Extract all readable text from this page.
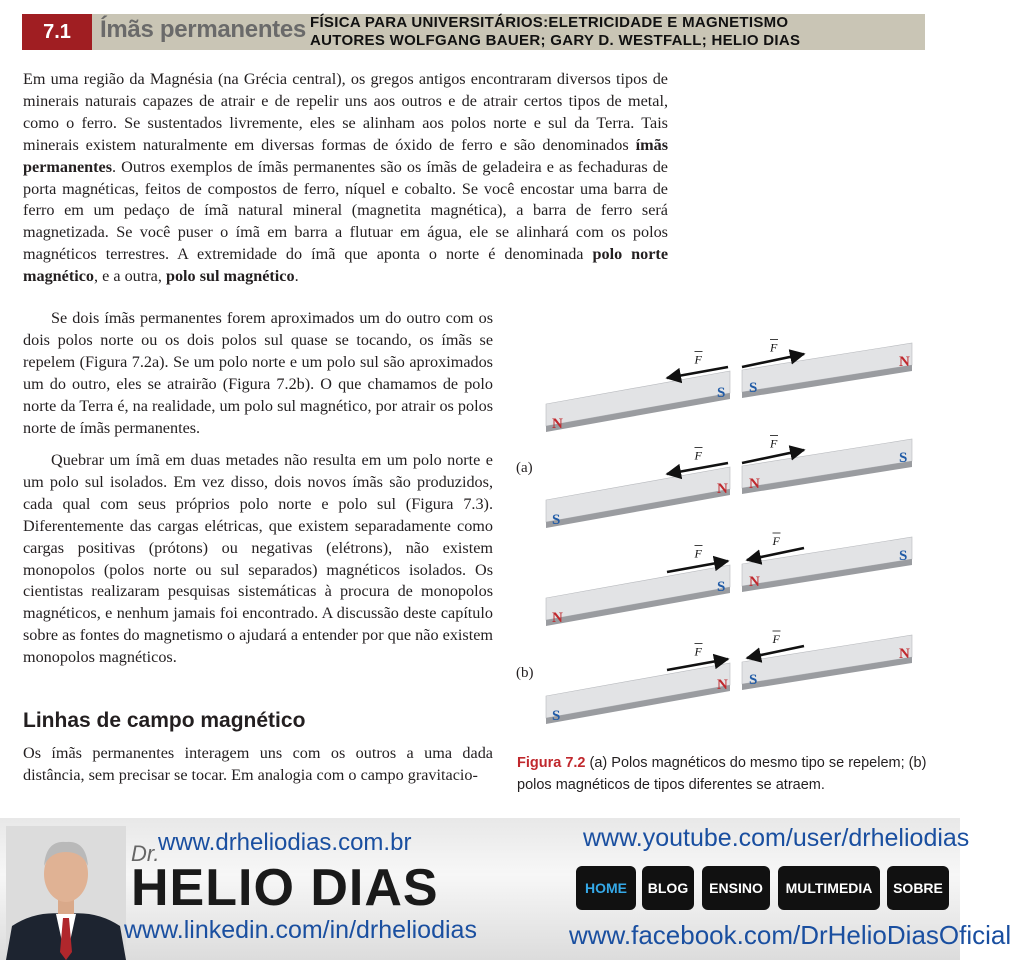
7.1	Ímãs permanentes FÍSICA PARA UNIVERSITÁRIOS:ELETRICIDADE E MAGNETISMO
AUTORES WOLFGANG BAUER; GARY D. WESTFALL; HELIO DIAS

Em uma região da Magnésia (na Grécia central), os gregos antigos encontraram diversos tipos de minerais naturais capazes de atrair e de repelir uns aos outros e de atrair certos tipos de metal, como o ferro. Se sustentados livremente, eles se alinham aos polos norte e sul da Terra. Tais minerais existem naturalmente em diversas formas de óxido de ferro e são denominados ímãs permanentes. Outros exemplos de ímãs permanentes são os ímãs de geladeira e as fechaduras de porta magnéticas, feitos de compostos de ferro, níquel e cobalto. Se você encostar uma barra de ferro em um pedaço de ímã natural mineral (magnetita magnética), a barra de ferro será magnetizada. Se você puser o ímã em barra a flutuar em água, ele se alinhará com os polos magnéticos terrestres. A extremidade do ímã que aponta o norte é denominada polo norte magnético, e a outra, polo sul magnético.

Se dois ímãs permanentes forem aproximados um do outro com os dois polos norte ou os dois polos sul quase se tocando, os ímãs se repelem (Figura 7.2a). Se um polo norte e um polo sul são aproximados um do outro, eles se atrairão (Figura 7.2b). O que chamamos de polo norte da Terra é, na realidade, um polo sul magnético, por atrair os polos norte de ímãs permanentes.

Quebrar um ímã em duas metades não resulta em um polo norte e um polo sul isolados. Em vez disso, dois novos ímãs são produzidos, cada qual com seus próprios polo norte e polo sul (Figura 7.3). Diferentemente das cargas elétricas, que existem separadamente como cargas positivas (prótons) ou negativas (elétrons), não existem monopolos (polos norte ou sul separados) magnéticos isolados. Os cientistas realizaram pesquisas sistemáticas à procura de monopolos magnéticos, e nenhum jamais foi encontrado. A discussão deste capítulo sobre as fontes do magnetismo o ajudará a entender por que não existem monopolos magnéticos.

Linhas de campo magnético

Os ímãs permanentes interagem uns com os outros a uma dada distância, sem precisar se tocar. Em analogia com o campo gravitacio-

(a)
(b)
N
S S
N
F
F
S
N N
S
F
F
N
S N
S
F
F
S
N S
N
F
F
Figura 7.2 (a) Polos magnéticos do mesmo tipo se repelem; (b) polos magnéticos de tipos diferentes se atraem.
www.drheliodias.com.br
Dr.
HELIO DIAS
www.linkedin.com/in/drheliodias
www.youtube.com/user/drheliodias
HOME	BLOG	ENSINO	MULTIMEDIA	SOBRE
www.facebook.com/DrHelioDiasOficial
